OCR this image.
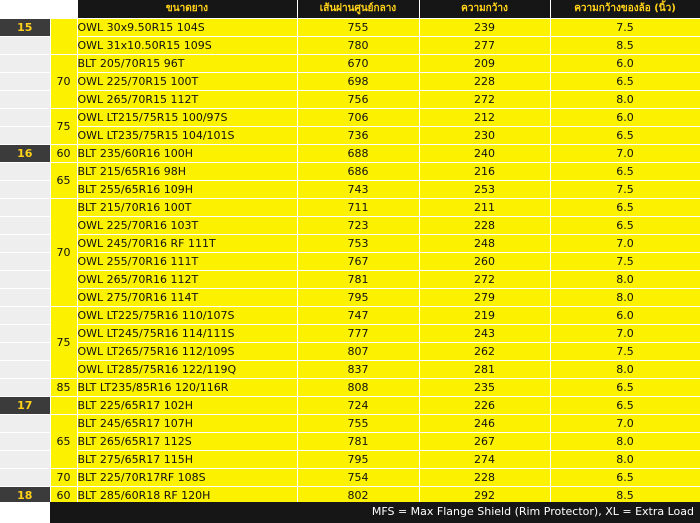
		ขนาดยาง	เส้นผ่านศูนย์กลาง	ความกว้าง	ความกว้างของล้อ (นิ้ว)
15		OWL 30x9.50R15 104S	755	239	7.5
		OWL 31x10.50R15 109S	780	277	8.5
	70	BLT 205/70R15 96T	670	209	6.0
		OWL 225/70R15 100T	698	228	6.5
		OWL 265/70R15 112T	756	272	8.0
	75	OWL LT215/75R15 100/97S	706	212	6.0
		OWL LT235/75R15 104/101S	736	230	6.5
16	60	BLT 235/60R16 100H	688	240	7.0
	65	BLT 215/65R16 98H	686	216	6.5
		BLT 255/65R16 109H	743	253	7.5
	70	BLT 215/70R16 100T	711	211	6.5
		OWL 225/70R16 103T	723	228	6.5
		OWL 245/70R16 RF 111T	753	248	7.0
		OWL 255/70R16 111T	767	260	7.5
		OWL 265/70R16 112T	781	272	8.0
		OWL 275/70R16 114T	795	279	8.0
	75	OWL LT225/75R16 110/107S	747	219	6.0
		OWL LT245/75R16 114/111S	777	243	7.0
		OWL LT265/75R16 112/109S	807	262	7.5
		OWL LT285/75R16 122/119Q	837	281	8.0
	85	BLT LT235/85R16 120/116R	808	235	6.5
17		BLT 225/65R17 102H	724	226	6.5
	65	BLT 245/65R17 107H	755	246	7.0
		BLT 265/65R17 112S	781	267	8.0
		BLT 275/65R17 115H	795	274	8.0
	70	BLT 225/70R17RF 108S	754	228	6.5
18	60	BLT 285/60R18 RF 120H	802	292	8.5
MFS = Max Flange Shield (Rim Protector), XL = Extra Load
